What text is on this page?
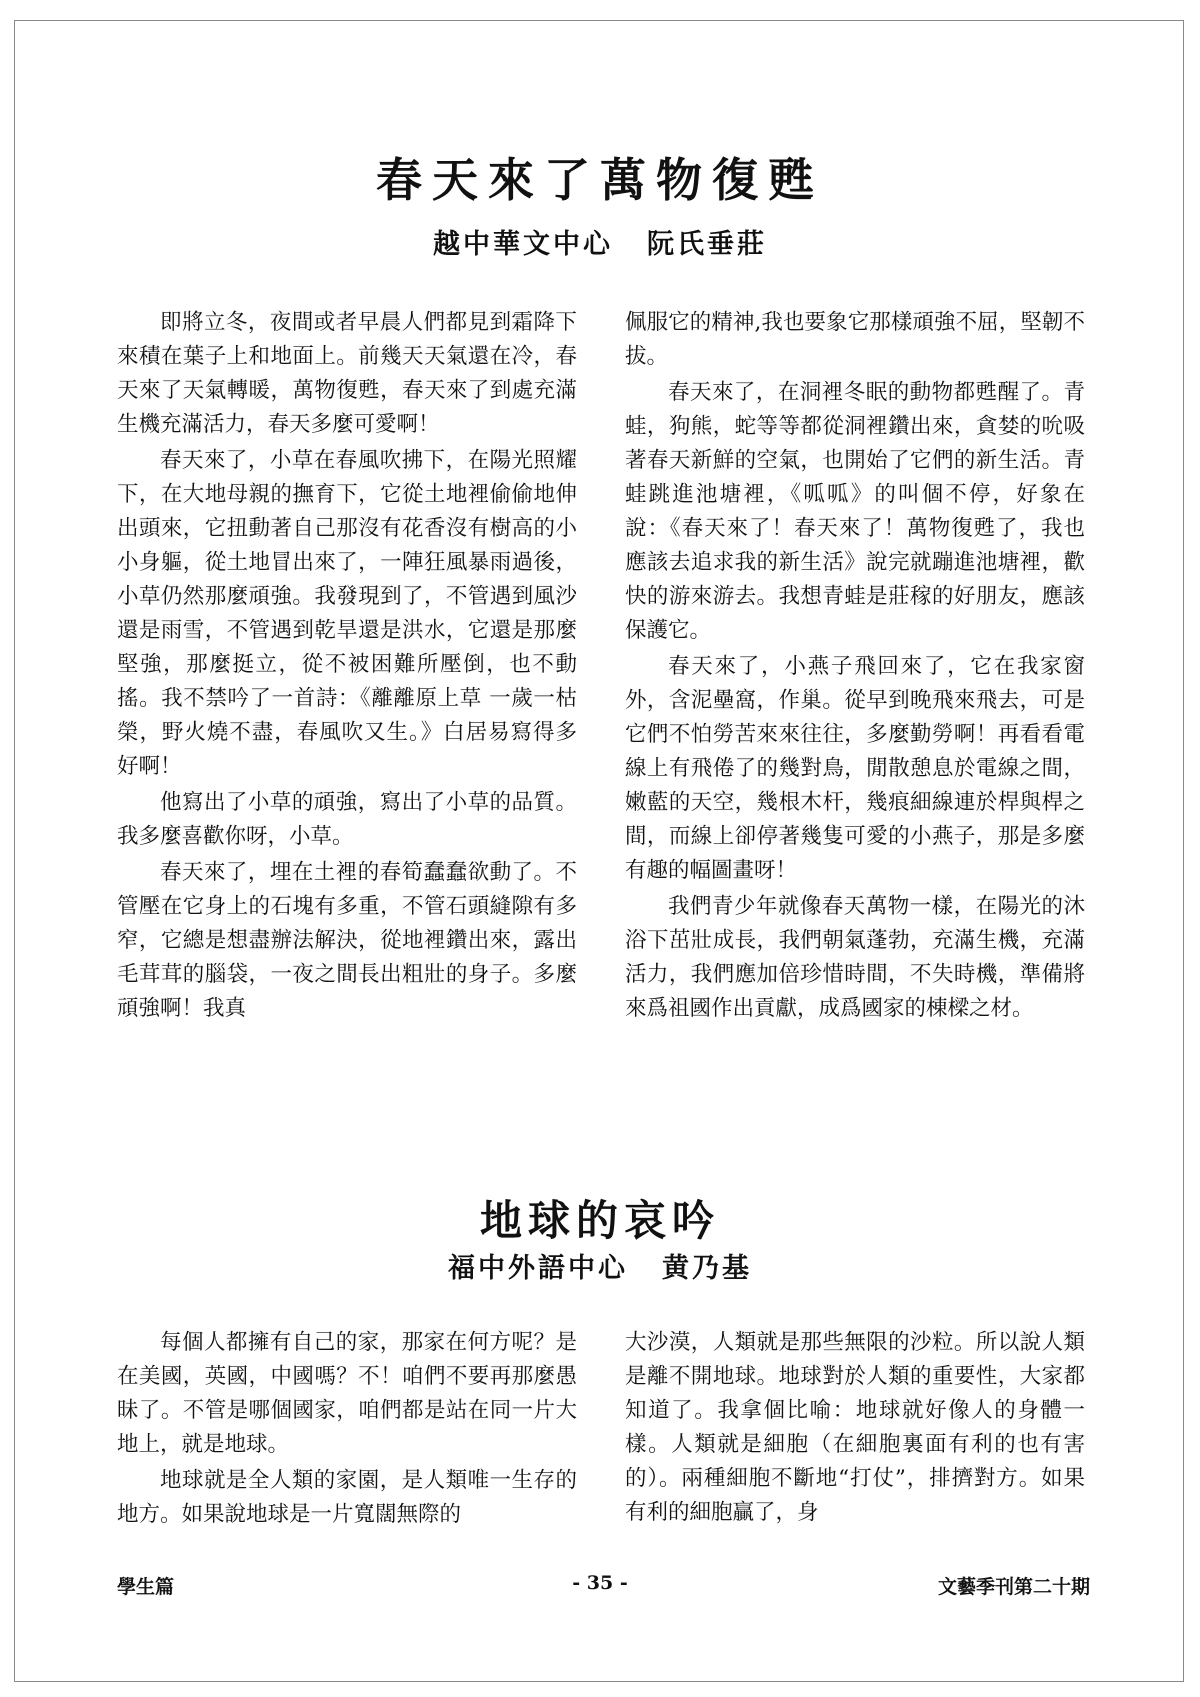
春天來了萬物復甦
越中華文中心 阮氏垂莊

即將立冬，夜間或者早晨人們都見到霜降下來積在葉子上和地面上。前幾天天氣還在冷，春天來了天氣轉暖，萬物復甦，春天來了到處充滿生機充滿活力，春天多麼可愛啊！

春天來了，小草在春風吹拂下，在陽光照耀下，在大地母親的撫育下，它從土地裡偷偷地伸出頭來，它扭動著自己那沒有花香沒有樹高的小小身軀，從土地冒出來了，一陣狂風暴雨過後，小草仍然那麼頑強。我發現到了，不管遇到風沙還是雨雪，不管遇到乾旱還是洪水，它還是那麼堅強，那麼挺立，從不被困難所壓倒，也不動搖。我不禁吟了一首詩：《離離原上草 一歲一枯榮，野火燒不盡，春風吹又生。》白居易寫得多好啊！

他寫出了小草的頑強，寫出了小草的品質。我多麼喜歡你呀，小草。

春天來了，埋在土裡的春筍蠢蠢欲動了。不管壓在它身上的石塊有多重，不管石頭縫隙有多窄，它總是想盡辦法解決，從地裡鑽出來，露出毛茸茸的腦袋，一夜之間長出粗壯的身子。多麼頑強啊！我真

佩服它的精神,我也要象它那樣頑強不屈，堅韌不拔。

春天來了，在洞裡冬眠的動物都甦醒了。青蛙，狗熊，蛇等等都從洞裡鑽出來，貪婪的吮吸著春天新鮮的空氣，也開始了它們的新生活。青蛙跳進池塘裡，《呱呱》的叫個不停，好象在說：《春天來了！春天來了！萬物復甦了，我也應該去追求我的新生活》說完就蹦進池塘裡，歡快的游來游去。我想青蛙是莊稼的好朋友，應該保護它。

春天來了，小燕子飛回來了，它在我家窗外，含泥壘窩，作巢。從早到晚飛來飛去，可是它們不怕勞苦來來往往，多麼勤勞啊！再看看電線上有飛倦了的幾對鳥，閒散憩息於電線之間，嫩藍的天空，幾根木杆，幾痕細線連於桿與桿之間，而線上卻停著幾隻可愛的小燕子，那是多麼有趣的幅圖畫呀！

我們青少年就像春天萬物一樣，在陽光的沐浴下茁壯成長，我們朝氣蓬勃，充滿生機，充滿活力，我們應加倍珍惜時間，不失時機，準備將來爲祖國作出貢獻，成爲國家的棟樑之材。

地球的哀吟
福中外語中心 黄乃基

每個人都擁有自己的家，那家在何方呢？是在美國，英國，中國嗎？不！咱們不要再那麼愚昧了。不管是哪個國家，咱們都是站在同一片大地上，就是地球。

地球就是全人類的家園，是人類唯一生存的地方。如果說地球是一片寬闊無際的

大沙漠，人類就是那些無限的沙粒。所以說人類是離不開地球。地球對於人類的重要性，大家都知道了。我拿個比喻：地球就好像人的身體一樣。人類就是細胞（在細胞裏面有利的也有害的）。兩種細胞不斷地“打仗”，排擠對方。如果有利的細胞贏了，身

學生篇	- 35 -	文藝季刊第二十期
